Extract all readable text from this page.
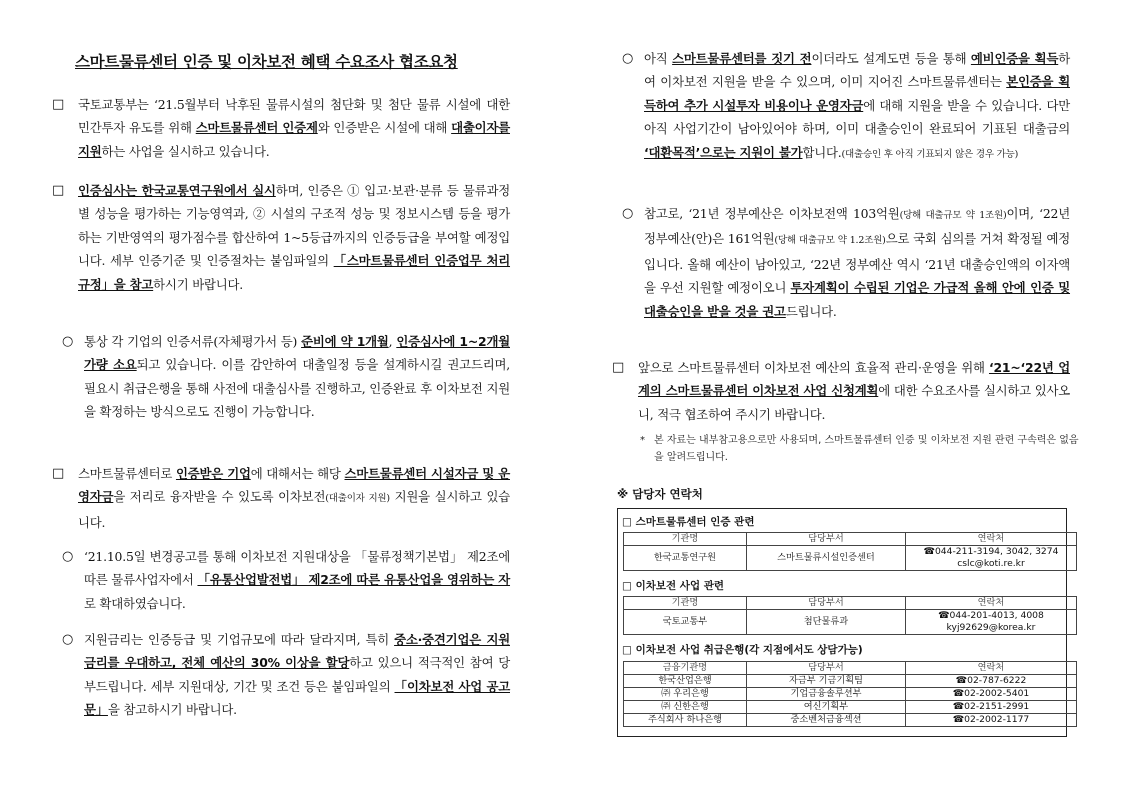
스마트물류센터 인증 및 이차보전 혜택 수요조사 협조요청
□ 국토교통부는 ‘21.5월부터 낙후된 물류시설의 첨단화 및 첨단 물류 시설에 대한 민간투자 유도를 위해 스마트물류센터 인증제와 인증받은 시설에 대해 대출이자를 지원하는 사업을 실시하고 있습니다.
□ 인증심사는 한국교통연구원에서 실시하며, 인증은 ① 입고·보관·분류 등 물류과정별 성능을 평가하는 기능영역과, ② 시설의 구조적 성능 및 정보시스템 등을 평가하는 기반영역의 평가점수를 합산하여 1~5등급까지의 인증등급을 부여할 예정입니다. 세부 인증기준 및 인증절차는 붙임파일의 「스마트물류센터 인증업무 처리규정」을 참고하시기 바랍니다.
○ 통상 각 기업의 인증서류(자체평가서 등) 준비에 약 1개월, 인증심사에 1~2개월 가량 소요되고 있습니다. 이를 감안하여 대출일정 등을 설계하시길 권고드리며, 필요시 취급은행을 통해 사전에 대출심사를 진행하고, 인증완료 후 이차보전 지원을 확정하는 방식으로도 진행이 가능합니다.
□ 스마트물류센터로 인증받은 기업에 대해서는 해당 스마트물류센터 시설자금 및 운영자금을 저리로 융자받을 수 있도록 이차보전(대출이자 지원) 지원을 실시하고 있습니다.
○ ‘21.10.5일 변경공고를 통해 이차보전 지원대상을 「물류정책기본법」 제2조에 따른 물류사업자에서 「유통산업발전법」 제2조에 따른 유통산업을 영위하는 자로 확대하였습니다.
○ 지원금리는 인증등급 및 기업규모에 따라 달라지며, 특히 중소·중견기업은 지원금리를 우대하고, 전체 예산의 30% 이상을 할당하고 있으니 적극적인 참여 당부드립니다. 세부 지원대상, 기간 및 조건 등은 붙임파일의 「이차보전 사업 공고문」을 참고하시기 바랍니다.
○ 아직 스마트물류센터를 짓기 전이더라도 설계도면 등을 통해 예비인증을 획득하여 이차보전 지원을 받을 수 있으며, 이미 지어진 스마트물류센터는 본인증을 획득하여 추가 시설투자 비용이나 운영자금에 대해 지원을 받을 수 있습니다. 다만 아직 사업기간이 남아있어야 하며, 이미 대출승인이 완료되어 기표된 대출금의 ‘대환목적’으로는 지원이 불가합니다.(대출승인 후 아직 기표되지 않은 경우 가능)
○ 참고로, ‘21년 정부예산은 이차보전액 103억원(당해 대출규모 약 1조원)이며, ‘22년 정부예산(안)은 161억원(당해 대출규모 약 1.2조원)으로 국회 심의를 거쳐 확정될 예정입니다. 올해 예산이 남아있고, ‘22년 정부예산 역시 ‘21년 대출승인액의 이자액을 우선 지원할 예정이오니 투자계획이 수립된 기업은 가급적 올해 안에 인증 및 대출승인을 받을 것을 권고드립니다.
□ 앞으로 스마트물류센터 이차보전 예산의 효율적 관리·운영을 위해 ‘21~‘22년 업계의 스마트물류센터 이차보전 사업 신청계획에 대한 수요조사를 실시하고 있사오니, 적극 협조하여 주시기 바랍니다.
* 본 자료는 내부참고용으로만 사용되며, 스마트물류센터 인증 및 이차보전 지원 관련 구속력은 없음을 알려드립니다.
※ 담당자 연락처
□ 스마트물류센터 인증 관련
기관명	담당부서	연락처
한국교통연구원	스마트물류시설인증센터	☎044-211-3194, 3042, 3274
cslc@koti.re.kr
□ 이차보전 사업 관련
기관명	담당부서	연락처
국토교통부	첨단물류과	☎044-201-4013, 4008
kyj92629@korea.kr
□ 이차보전 사업 취급은행(각 지점에서도 상담가능)
금융기관명	담당부서	연락처
한국산업은행	자금부 기금기획팀	☎02-787-6222
㈜ 우리은행	기업금융솔루션부	☎02-2002-5401
㈜ 신한은행	여신기획부	☎02-2151-2991
주식회사 하나은행	중소벤처금융섹션	☎02-2002-1177
